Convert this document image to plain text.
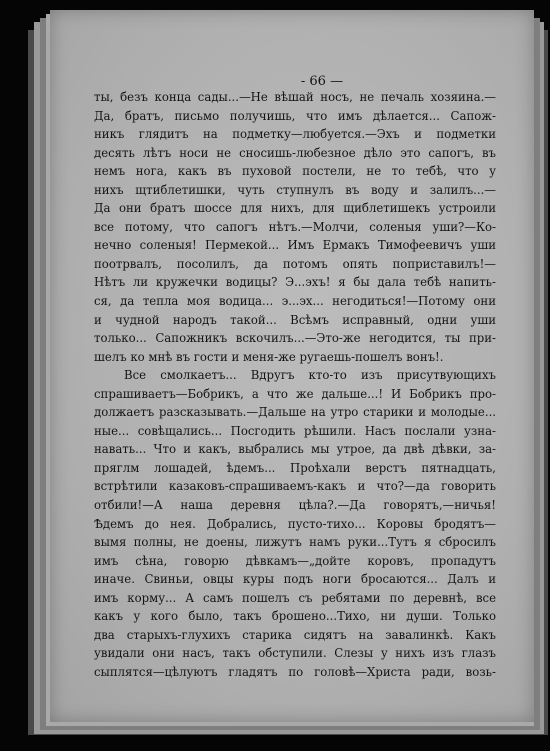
- 66 —
ты, безъ конца сады...—Не вѣшай носъ, не печаль хозяина.—
Да, братъ, письмо получишь, что имъ дѣлается... Сапож-
никъ глядитъ на подметку—любуется.—Эхъ и подметки
десять лѣтъ носи не сносишь-любезное дѣло это сапогъ, въ
немъ нога, какъ въ пуховой постели, не то тебѣ, что у
нихъ щтиблетишки, чуть ступнулъ въ воду и залилъ...—
Да они братъ шоссе для нихъ, для щиблетишекъ устроили
все потому, что сапогъ нѣтъ.—Молчи, соленыя уши?—Ко-
нечно соленыя! Пермекой... Имъ Ермакъ Тимофеевичъ уши
поотрвалъ, посолилъ, да потомъ опять поприставилъ!—
Нѣтъ ли кружечки водицы? Э...эхъ! я бы дала тебѣ напить-
ся, да тепла моя водица... э...эх... негодиться!—Потому они
и чудной народъ такой... Всѣмъ исправный, одни уши
только... Сапожникъ вскочилъ...—Это-же негодится, ты при-
шелъ ко мнѣ въ гости и меня-же ругаешь-пошелъ вонъ!.
Все смолкаетъ... Вдругъ кто-то изъ присутвующихъ
спрашиваетъ—Бобрикъ, а что же дальше...! И Бобрикъ про-
должаетъ разсказывать.—Дальше на утро старики и молодые...
ные... совѣщались... Посгодить рѣшили. Насъ послали узна-
навать... Что и какъ, выбрались мы утрое, да двѣ дѣвки, за-
пряглм лошадей, ѣдемъ... Проѣхали верстъ пятнадцать,
встрѣтили казаковъ-спрашиваемъ-какъ и что?—да говорить
отбили!—А наша деревня цѣла?.—Да говорятъ,—ничья!
Ѣдемъ до нея. Добрались, пусто-тихо... Коровы бродятъ—
вымя полны, не доены, лижутъ намъ руки...Тутъ я сбросилъ
имъ сѣна, говорю дѣвкамъ—„дойте коровъ, пропадутъ
иначе. Свиньи, овцы куры подъ ноги бросаются... Далъ и
имъ корму... А самъ пошелъ съ ребятами по деревнѣ, все
какъ у кого было, такъ брошено...Тихо, ни души. Только
два старыхъ-глухихъ старика сидятъ на завалинкѣ. Какъ
увидали они насъ, такъ обступили. Слезы у нихъ изъ глазъ
сыплятся—цѣлуютъ гладятъ по головѣ—Христа ради, возь-
